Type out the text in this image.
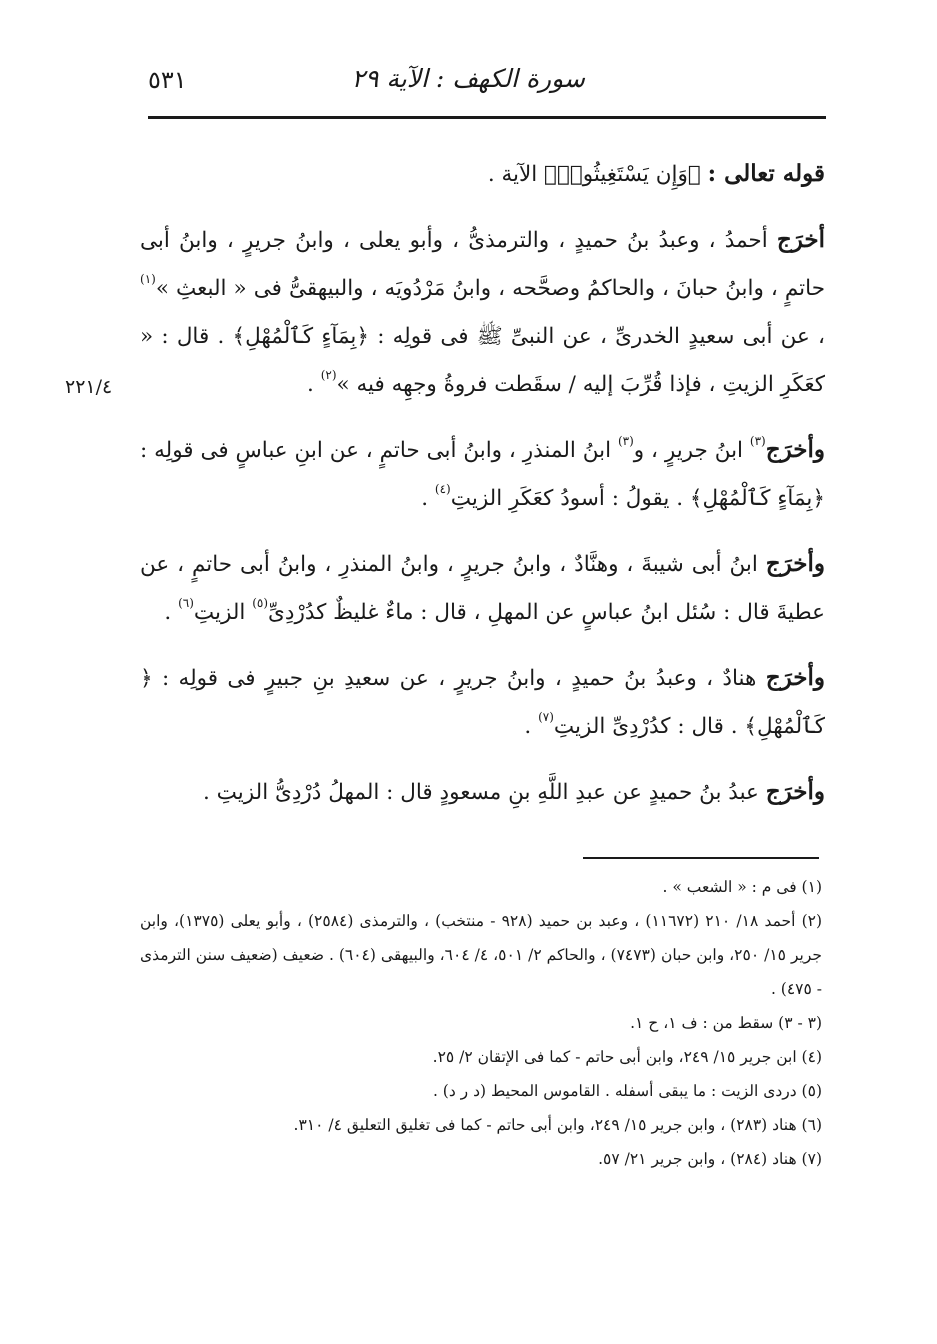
٥٣١	سورة الكهف : الآية ٢٩
٢٢١/٤

قوله تعالى : ﴿وَإِن يَسْتَغِيثُوا۟﴾ الآية .

أخرَج أحمدُ ، وعبدُ بنُ حميدٍ ، والترمذىُّ ، وأبو يعلى ، وابنُ جريرٍ ، وابنُ أبى حاتمٍ ، وابنُ حبانَ ، والحاكمُ وصحَّحه ، وابنُ مَرْدُويَه ، والبيهقىُّ فى « البعثِ »$^{(١)}$ ، عن أبى سعيدٍ الخدرىِّ ، عن النبىِّ ﷺ فى قولِه : ﴿بِمَآءٍ كَٱلْمُهْلِ﴾ . قال : « كعَكَرِ الزيتِ ، فإذا قُرِّبَ إليه / سقَطت فروةُ وجهِه فيه »$^{(٢)}$ .

وأخرَج$^{(٣)}$ ابنُ جريرٍ ، و$^{(٣)}$ ابنُ المنذرِ ، وابنُ أبى حاتمٍ ، عن ابنِ عباسٍ فى قولِه : ﴿بِمَآءٍ كَٱلْمُهْلِ﴾ . يقولُ : أسودُ كعَكَرِ الزيتِ$^{(٤)}$ .

وأخرَج ابنُ أبى شيبةَ ، وهنَّادٌ ، وابنُ جريرٍ ، وابنُ المنذرِ ، وابنُ أبى حاتمٍ ، عن عطيةَ قال : سُئل ابنُ عباسٍ عن المهلِ ، قال : ماءٌ غليظٌ كدُرْدِىِّ$^{(٥)}$ الزيتِ$^{(٦)}$ .

وأخرَج هنادٌ ، وعبدُ بنُ حميدٍ ، وابنُ جريرٍ ، عن سعيدِ بنِ جبيرٍ فى قولِه : ﴿ كَٱلْمُهْلِ﴾ . قال : كدُرْدِىِّ الزيتِ$^{(٧)}$ .

وأخرَج عبدُ بنُ حميدٍ عن عبدِ اللَّهِ بنِ مسعودٍ قال : المهلُ دُرْدِىُّ الزيتِ .

(١) فى م : « الشعب » .

(٢) أحمد ١٨/ ٢١٠ (١١٦٧٢) ، وعبد بن حميد (٩٢٨ - منتخب) ، والترمذى (٢٥٨٤) ، وأبو يعلى (١٣٧٥)، وابن جرير ١٥/ ٢٥٠، وابن حبان (٧٤٧٣) ، والحاكم ٢/ ٥٠١، ٤/ ٦٠٤، والبيهقى (٦٠٤) . ضعيف (ضعيف سنن الترمذى - ٤٧٥) .

(٣ - ٣) سقط من : ف ١، ح ١.

(٤) ابن جرير ١٥/ ٢٤٩، وابن أبى حاتم - كما فى الإتقان ٢/ ٢٥.

(٥) دردى الزيت : ما يبقى أسفله . القاموس المحيط (د ر د) .

(٦) هناد (٢٨٣) ، وابن جرير ١٥/ ٢٤٩، وابن أبى حاتم - كما فى تغليق التعليق ٤/ ٣١٠.

(٧) هناد (٢٨٤) ، وابن جرير ٢١/ ٥٧.
